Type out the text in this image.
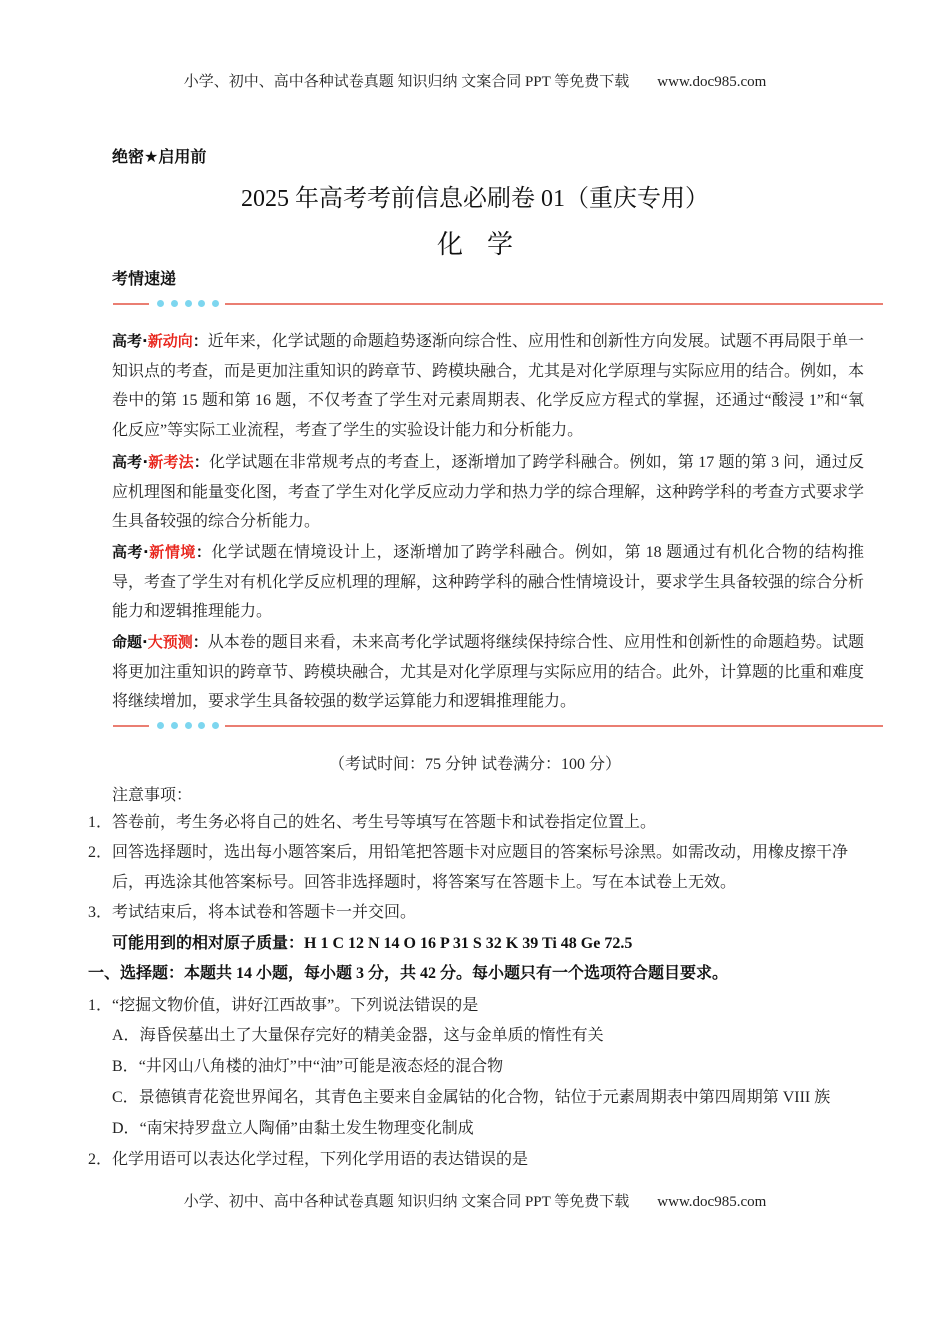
小学、初中、高中各种试卷真题 知识归纳 文案合同 PPT 等免费下载 www.doc985.com
绝密★启用前
2025 年高考考前信息必刷卷 01（重庆专用）
化学
考情速递
高考·新动向：近年来，化学试题的命题趋势逐渐向综合性、应用性和创新性方向发展。试题不再局限于单一知识点的考查，而是更加注重知识的跨章节、跨模块融合，尤其是对化学原理与实际应用的结合。例如，本卷中的第 15 题和第 16 题，不仅考查了学生对元素周期表、化学反应方程式的掌握，还通过“酸浸 1”和“氧化反应”等实际工业流程，考查了学生的实验设计能力和分析能力。
高考·新考法：化学试题在非常规考点的考查上，逐渐增加了跨学科融合。例如，第 17 题的第 3 问，通过反应机理图和能量变化图，考查了学生对化学反应动力学和热力学的综合理解，这种跨学科的考查方式要求学生具备较强的综合分析能力。
高考·新情境：化学试题在情境设计上，逐渐增加了跨学科融合。例如，第 18 题通过有机化合物的结构推导，考查了学生对有机化学反应机理的理解，这种跨学科的融合性情境设计，要求学生具备较强的综合分析能力和逻辑推理能力。
命题·大预测：从本卷的题目来看，未来高考化学试题将继续保持综合性、应用性和创新性的命题趋势。试题将更加注重知识的跨章节、跨模块融合，尤其是对化学原理与实际应用的结合。此外，计算题的比重和难度将继续增加，要求学生具备较强的数学运算能力和逻辑推理能力。
（考试时间：75 分钟 试卷满分：100 分）
注意事项：
1．答卷前，考生务必将自己的姓名、考生号等填写在答题卡和试卷指定位置上。
2． 回答选择题时，选出每小题答案后，用铅笔把答题卡对应题目的答案标号涂黑。如需改动，用橡皮擦干净后，再选涂其他答案标号。回答非选择题时，将答案写在答题卡上。写在本试卷上无效。
3．考试结束后，将本试卷和答题卡一并交回。
可能用到的相对原子质量：H 1 C 12 N 14 O 16 P 31 S 32 K 39 Ti 48 Ge 72.5
一、选择题：本题共 14 小题，每小题 3 分，共 42 分。每小题只有一个选项符合题目要求。
1．“挖掘文物价值，讲好江西故事”。下列说法错误的是
A．海昏侯墓出土了大量保存完好的精美金器，这与金单质的惰性有关
B．“井冈山八角楼的油灯”中“油”可能是液态烃的混合物
C．景德镇青花瓷世界闻名，其青色主要来自金属钴的化合物，钴位于元素周期表中第四周期第 VIII 族
D．“南宋持罗盘立人陶俑”由黏土发生物理变化制成
2．化学用语可以表达化学过程，下列化学用语的表达错误的是
小学、初中、高中各种试卷真题 知识归纳 文案合同 PPT 等免费下载 www.doc985.com
